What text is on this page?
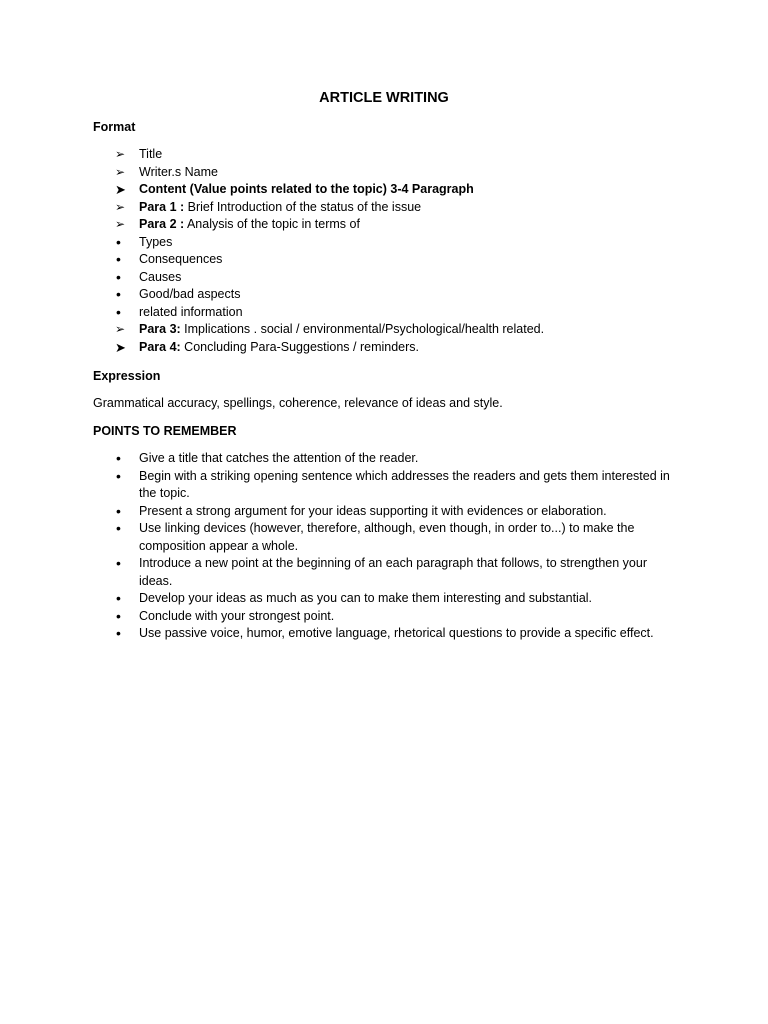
ARTICLE WRITING
Format
➢	Title
➢	Writer.s Name
➤ Content (Value points related to the topic) 3-4 Paragraph
➢	Para 1 : Brief Introduction of the status of the issue
➢	Para 2 : Analysis of the topic in terms of
•	Types
•	Consequences
•	Causes
•	Good/bad aspects
•	related information
➢	Para 3: Implications . social / environmental/Psychological/health related.
➤ Para 4: Concluding Para-Suggestions / reminders.
Expression
Grammatical accuracy, spellings, coherence, relevance of ideas and style.
POINTS TO REMEMBER
•	Give a title that catches the attention of the reader.
•	Begin with a striking opening sentence which addresses the readers and gets them interested in the topic.
•	Present a strong argument for your ideas supporting it with evidences or elaboration.
•	Use linking devices (however, therefore, although, even though, in order to...) to make the composition appear a whole.
•	Introduce a new point at the beginning of an each paragraph that follows, to strengthen your ideas.
•	Develop your ideas as much as you can to make them interesting and substantial.
•	Conclude with your strongest point.
•	Use passive voice, humor, emotive language, rhetorical questions to provide a specific effect.
